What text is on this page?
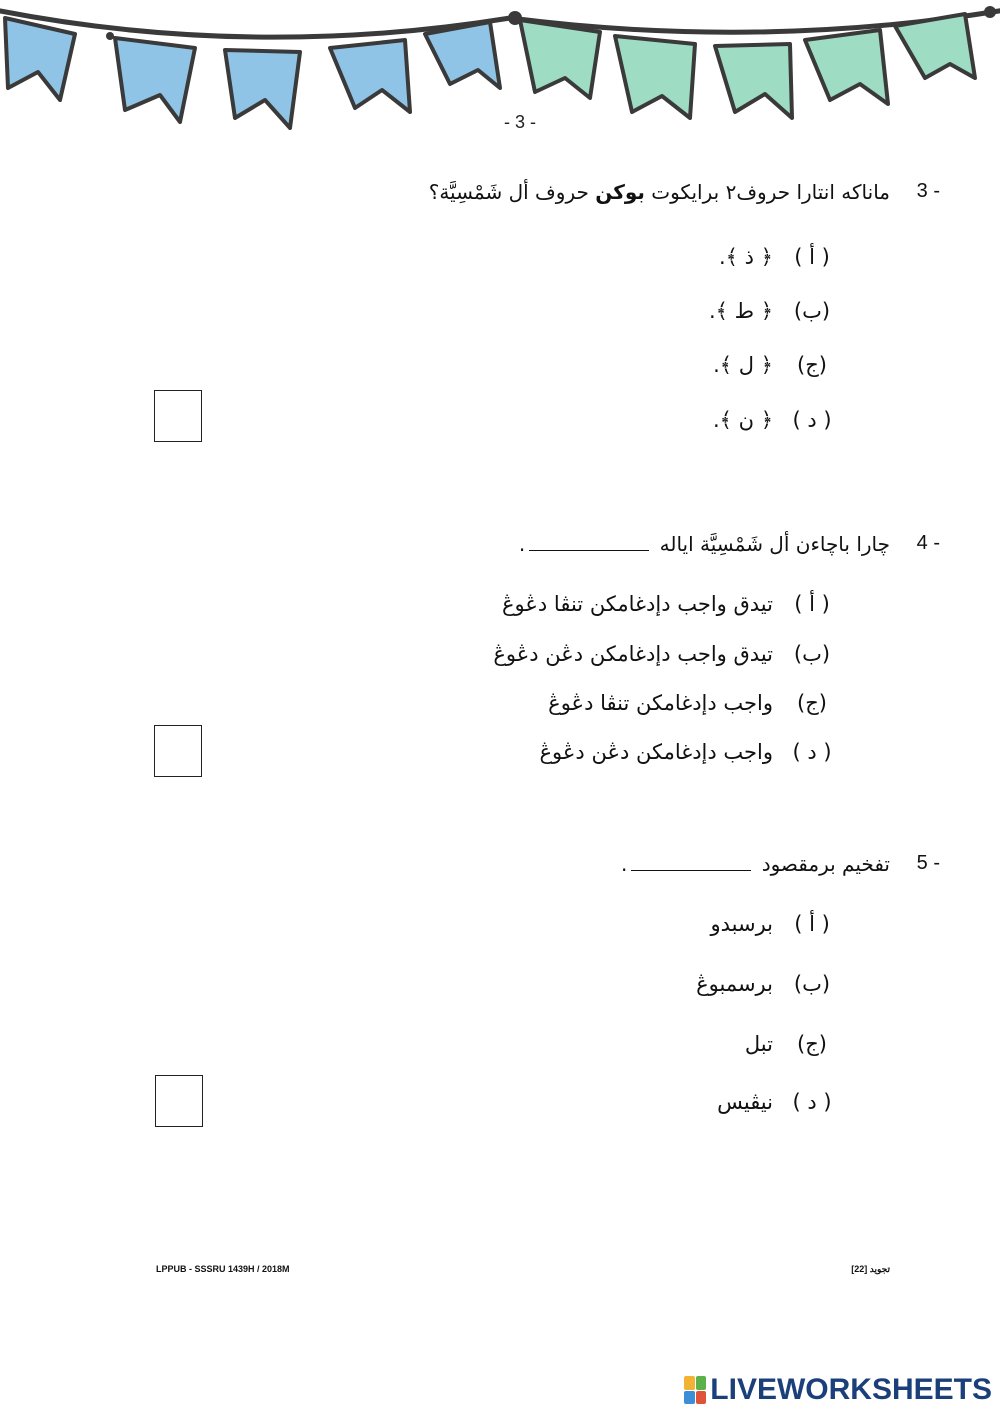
- 3 -
3 -
ماناكه انتارا حروف٢ برايكوت بوكن حروف أل شَمْسِيَّة؟
( أ )
﴿ ذ ﴾.
(ب)
﴿ ط ﴾.
(ج)
﴿ ل ﴾.
( د )
﴿ ن ﴾.
4 -
چارا باچاءن أل شَمْسِيَّة اياله .
( أ )
تيدق واجب دإدغامكن تنڤا دڠوڠ
(ب)
تيدق واجب دإدغامكن دڠن دڠوڠ
(ج)
واجب دإدغامكن تنڤا دڠوڠ
( د )
واجب دإدغامكن دڠن دڠوڠ
5 -
تفخيم برمقصود .
( أ )
برسبدو
(ب)
برسمبوڠ
(ج)
تبل
( د )
نيڤيس
LPPUB - SSSRU 1439H / 2018M	تجويد [22]
LIVEWORKSHEETS
